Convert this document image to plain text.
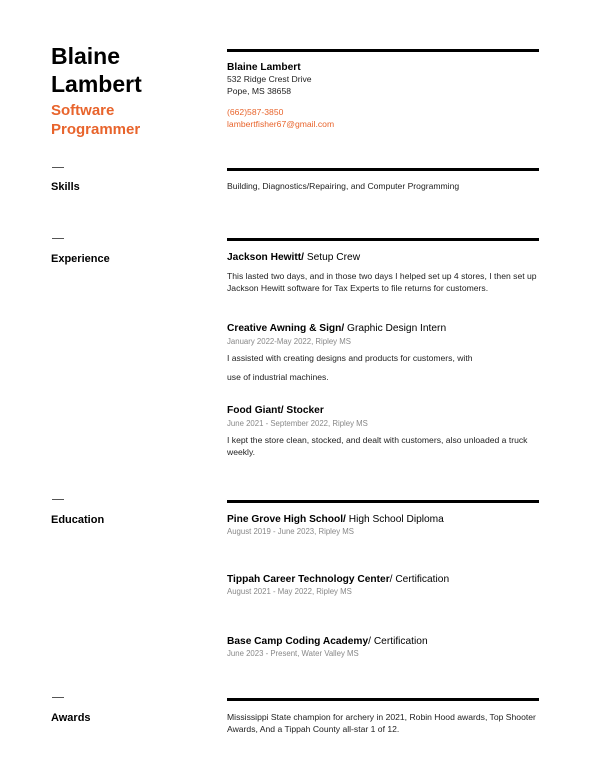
Blaine
Lambert
Software
Programmer
Blaine Lambert
532 Ridge Crest Drive
Pope, MS 38658
(662)587-3850
lambertfisher67@gmail.com
Skills	Building, Diagnostics/Repairing, and Computer Programming
Experience	Jackson Hewitt/ Setup Crew
This lasted two days, and in those two days I helped set up 4 stores, I then set up Jackson Hewitt software for Tax Experts to file returns for customers.
Creative Awning & Sign/ Graphic Design Intern
January 2022-May 2022, Ripley MS
I assisted with creating designs and products for customers, with
use of industrial machines.
Food Giant/ Stocker
June 2021 - September 2022, Ripley MS
I kept the store clean, stocked, and dealt with customers, also unloaded a truck weekly.
Education	Pine Grove High School/ High School Diploma
August 2019 - June 2023, Ripley MS
Tippah Career Technology Center/ Certification
August 2021 - May 2022, Ripley MS
Base Camp Coding Academy/ Certification
June 2023 - Present, Water Valley MS
Awards	Mississippi State champion for archery in 2021, Robin Hood awards, Top Shooter Awards, And a Tippah County all-star 1 of 12.
